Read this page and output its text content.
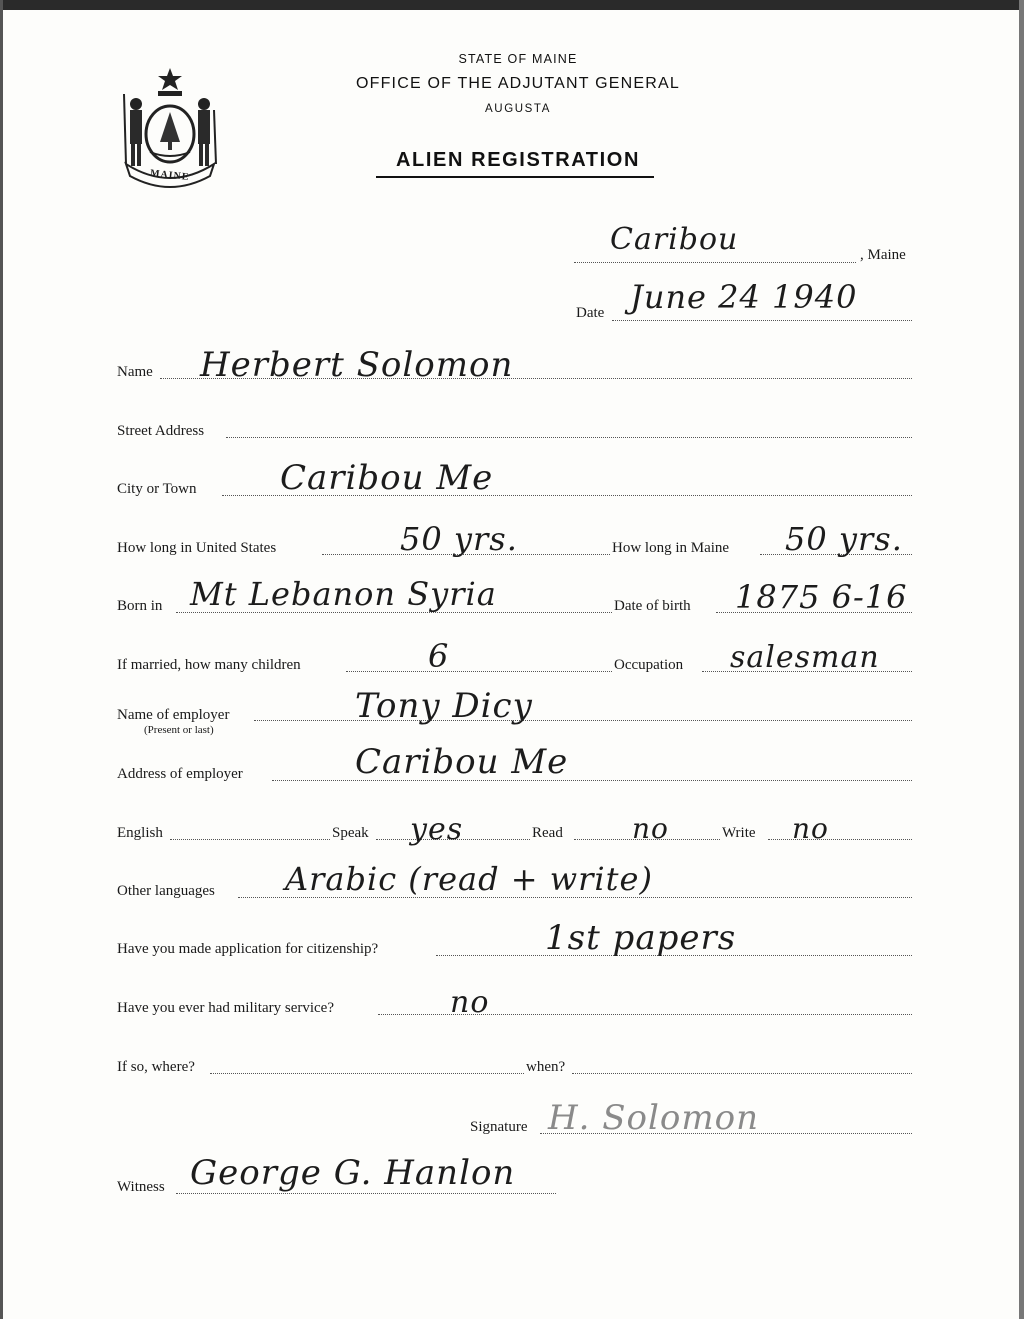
MAINE
STATE OF MAINE
OFFICE OF THE ADJUTANT GENERAL
AUGUSTA
ALIEN REGISTRATION
Caribou	, Maine
Date June 24 1940
Name Herbert Solomon
Street Address
City or Town Caribou Me
How long in United States	50 yrs.	How long in Maine 50 yrs.
Born in Mt Lebanon Syria	Date of birth 1875 6-16
If married, how many children	6	Occupation salesman
Name of employer
(Present or last)
Tony Dicy
Address of employer	Caribou Me
English	Speak yes	Read no	Write no
Other languages Arabic (read + write)
Have you made application for citizenship?	1st papers
Have you ever had military service?	no
If so, where?	when?
Signature H. Solomon
Witness George G. Hanlon
